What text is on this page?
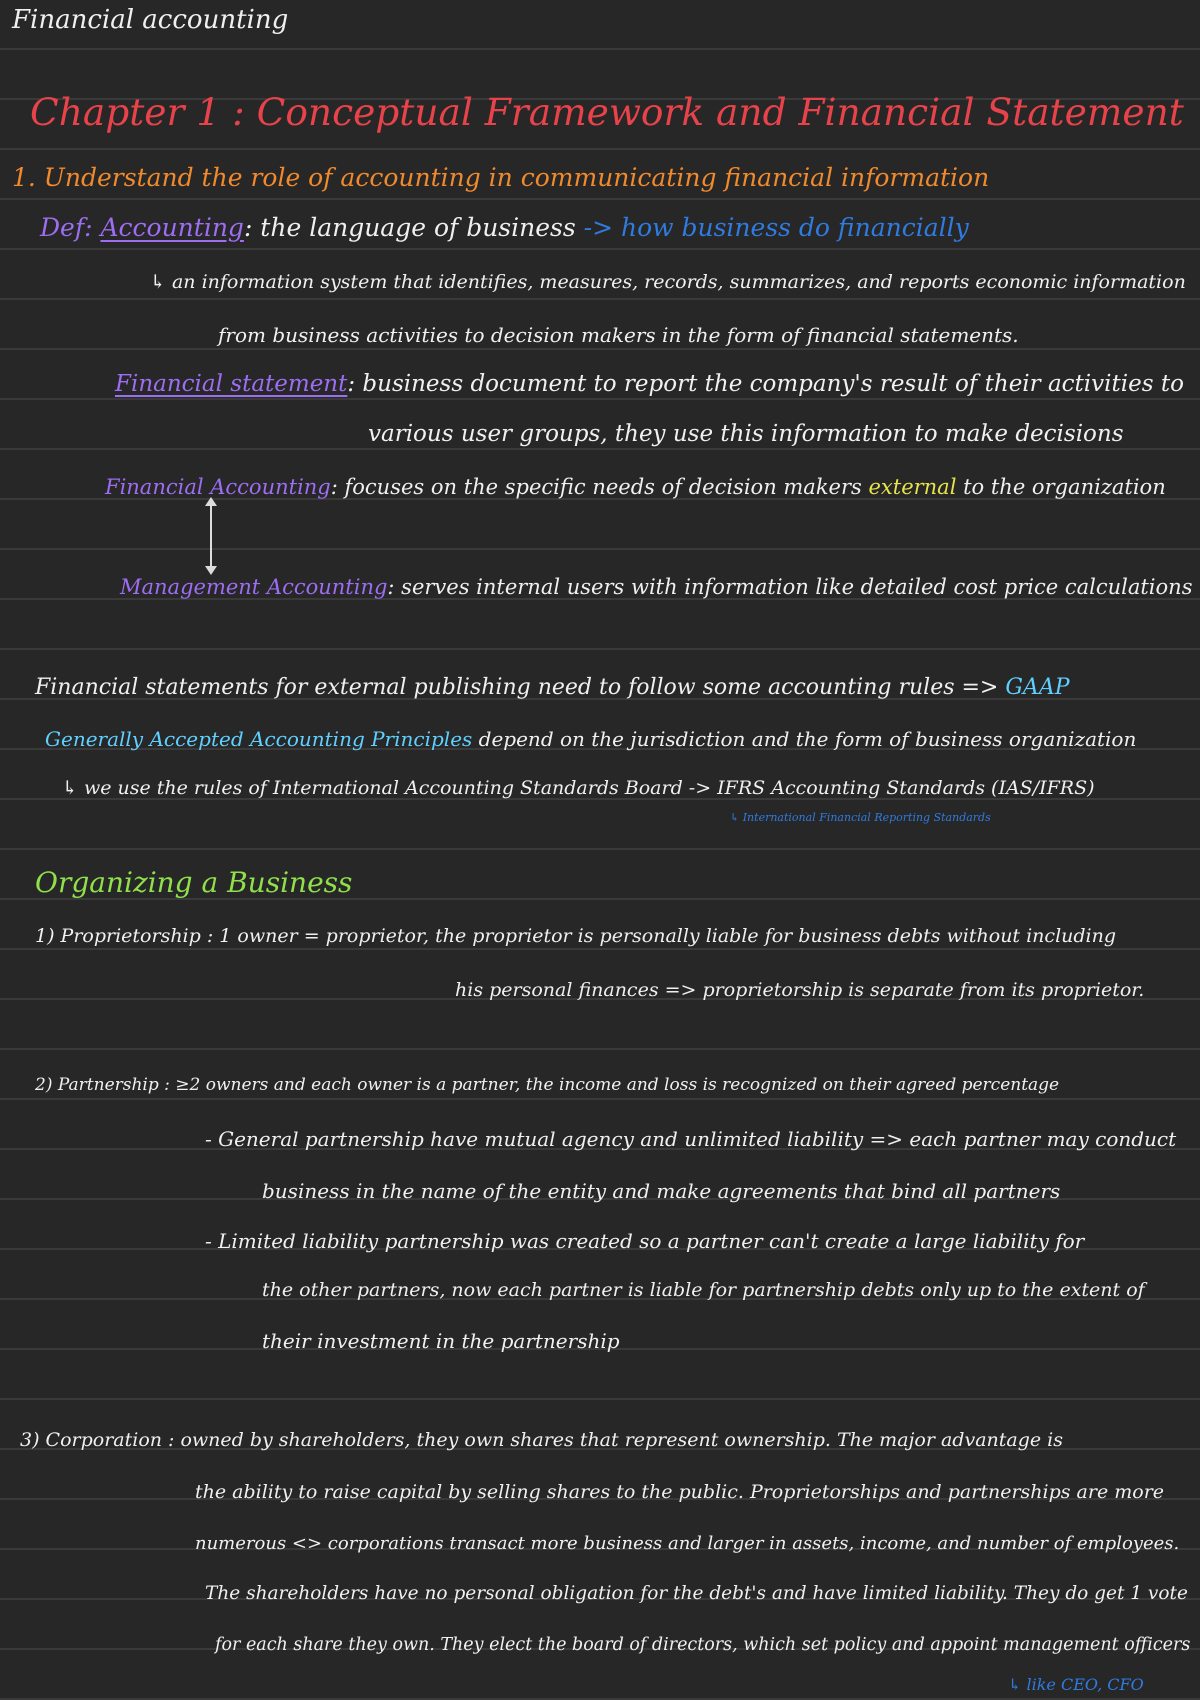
Financial accounting
Chapter 1 : Conceptual Framework and Financial Statement
1. Understand the role of accounting in communicating financial information
Def: Accounting: the language of business -> how business do financially
↳ an information system that identifies, measures, records, summarizes, and reports economic information
from business activities to decision makers in the form of financial statements.
Financial statement: business document to report the company's result of their activities to
various user groups, they use this information to make decisions
Financial Accounting: focuses on the specific needs of decision makers external to the organization
Management Accounting: serves internal users with information like detailed cost price calculations
Financial statements for external publishing need to follow some accounting rules => GAAP
Generally Accepted Accounting Principles depend on the jurisdiction and the form of business organization
↳ we use the rules of International Accounting Standards Board -> IFRS Accounting Standards (IAS/IFRS)
↳ International Financial Reporting Standards
Organizing a Business
1) Proprietorship : 1 owner = proprietor, the proprietor is personally liable for business debts without including
his personal finances => proprietorship is separate from its proprietor.
2) Partnership : ≥2 owners and each owner is a partner, the income and loss is recognized on their agreed percentage
- General partnership have mutual agency and unlimited liability => each partner may conduct
business in the name of the entity and make agreements that bind all partners
- Limited liability partnership was created so a partner can't create a large liability for
the other partners, now each partner is liable for partnership debts only up to the extent of
their investment in the partnership
3) Corporation : owned by shareholders, they own shares that represent ownership. The major advantage is
the ability to raise capital by selling shares to the public. Proprietorships and partnerships are more
numerous <> corporations transact more business and larger in assets, income, and number of employees.
The shareholders have no personal obligation for the debt's and have limited liability. They do get 1 vote
for each share they own. They elect the board of directors, which set policy and appoint management officers
↳ like CEO, CFO
